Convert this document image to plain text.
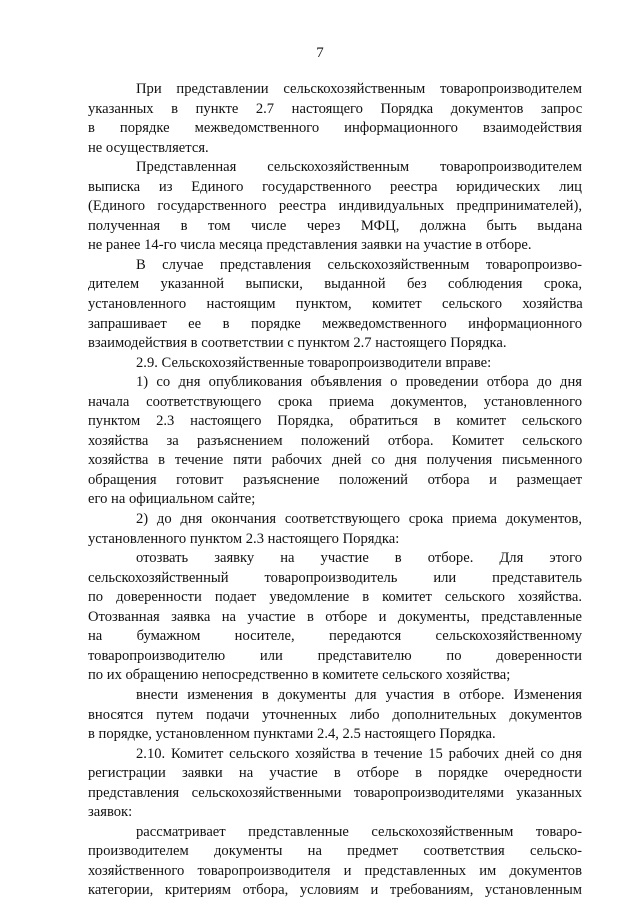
7

При представлении сельскохозяйственным товаропроизводителем
указанных в пункте 2.7 настоящего Порядка документов запрос
в порядке межведомственного информационного взаимодействия
не осуществляется.

Представленная сельскохозяйственным товаропроизводителем
выписка из Единого государственного реестра юридических лиц
(Единого государственного реестра индивидуальных предпринимателей),
полученная в том числе через МФЦ, должна быть выдана
не ранее 14-го числа месяца представления заявки на участие в отборе.

В случае представления сельскохозяйственным товаропроизво-
дителем указанной выписки, выданной без соблюдения срока,
установленного настоящим пунктом, комитет сельского хозяйства
запрашивает ее в порядке межведомственного информационного
взаимодействия в соответствии с пунктом 2.7 настоящего Порядка.

2.9. Сельскохозяйственные товаропроизводители вправе:

1) со дня опубликования объявления о проведении отбора до дня
начала соответствующего срока приема документов, установленного
пунктом 2.3 настоящего Порядка, обратиться в комитет сельского
хозяйства за разъяснением положений отбора. Комитет сельского
хозяйства в течение пяти рабочих дней со дня получения письменного
обращения готовит разъяснение положений отбора и размещает
его на официальном сайте;

2) до дня окончания соответствующего срока приема документов,
установленного пунктом 2.3 настоящего Порядка:

отозвать заявку на участие в отборе. Для этого
сельскохозяйственный товаропроизводитель или представитель
по доверенности подает уведомление в комитет сельского хозяйства.
Отозванная заявка на участие в отборе и документы, представленные
на бумажном носителе, передаются сельскохозяйственному
товаропроизводителю или представителю по доверенности
по их обращению непосредственно в комитете сельского хозяйства;

внести изменения в документы для участия в отборе. Изменения
вносятся путем подачи уточненных либо дополнительных документов
в порядке, установленном пунктами 2.4, 2.5 настоящего Порядка.

2.10. Комитет сельского хозяйства в течение 15 рабочих дней со дня
регистрации заявки на участие в отборе в порядке очередности
представления сельскохозяйственными товаропроизводителями указанных
заявок:

рассматривает представленные сельскохозяйственным товаро-
производителем документы на предмет соответствия сельско-
хозяйственного товаропроизводителя и представленных им документов
категории, критериям отбора, условиям и требованиям, установленным
